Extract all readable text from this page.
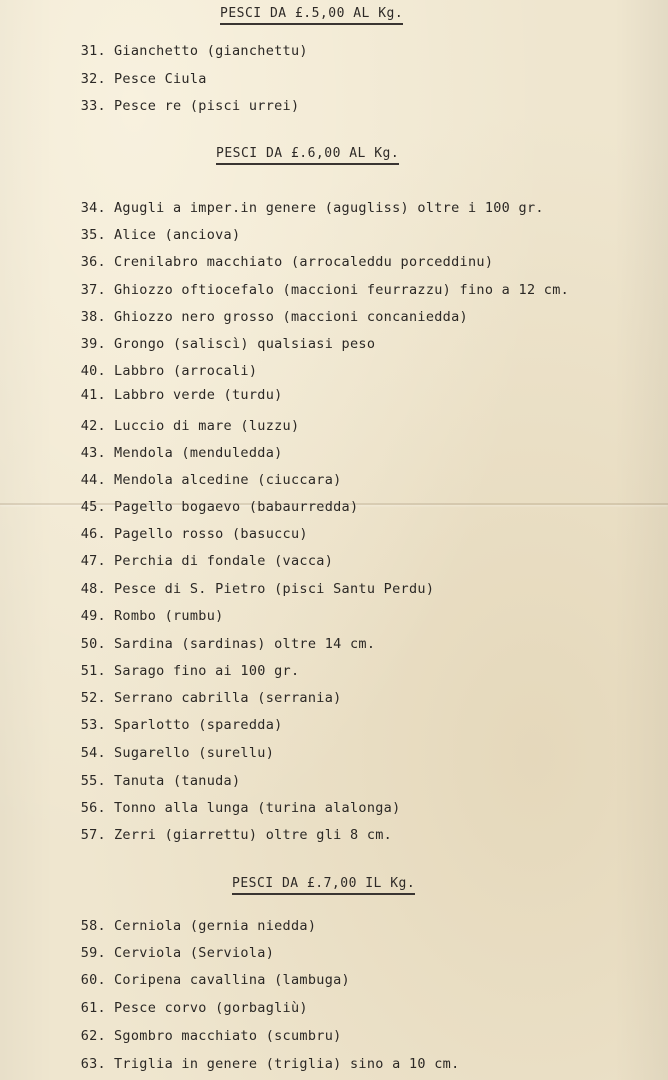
PESCI DA £.5,00 AL Kg.
PESCI DA £.6,00 AL Kg.
PESCI DA £.7,00 IL Kg.
31. Gianchetto (gianchettu)
32. Pesce Ciula
33. Pesce re (pisci urrei)
34. Agugli a imper.in genere (agugliss) oltre i 100 gr.
35. Alice (anciova)
36. Crenilabro macchiato (arrocaleddu porceddinu)
37. Ghiozzo oftiocefalo (maccioni feurrazzu) fino a 12 cm.
38. Ghiozzo nero grosso (maccioni concaniedda)
39. Grongo (saliscì) qualsiasi peso
40. Labbro (arrocali)
41. Labbro verde (turdu)
42. Luccio di mare (luzzu)
43. Mendola (menduledda)
44. Mendola alcedine (ciuccara)
45. Pagello bogaevo (babaurredda)
46. Pagello rosso (basuccu)
47. Perchia di fondale (vacca)
48. Pesce di S. Pietro (pisci Santu Perdu)
49. Rombo (rumbu)
50. Sardina (sardinas) oltre 14 cm.
51. Sarago fino ai 100 gr.
52. Serrano cabrilla (serrania)
53. Sparlotto (sparedda)
54. Sugarello (surellu)
55. Tanuta (tanuda)
56. Tonno alla lunga (turina alalonga)
57. Zerri (giarrettu) oltre gli 8 cm.
58. Cerniola (gernia niedda)
59. Cerviola (Serviola)
60. Coripena cavallina (lambuga)
61. Pesce corvo (gorbagliù)
62. Sgombro macchiato (scumbru)
63. Triglia in genere (triglia) sino a 10 cm.
